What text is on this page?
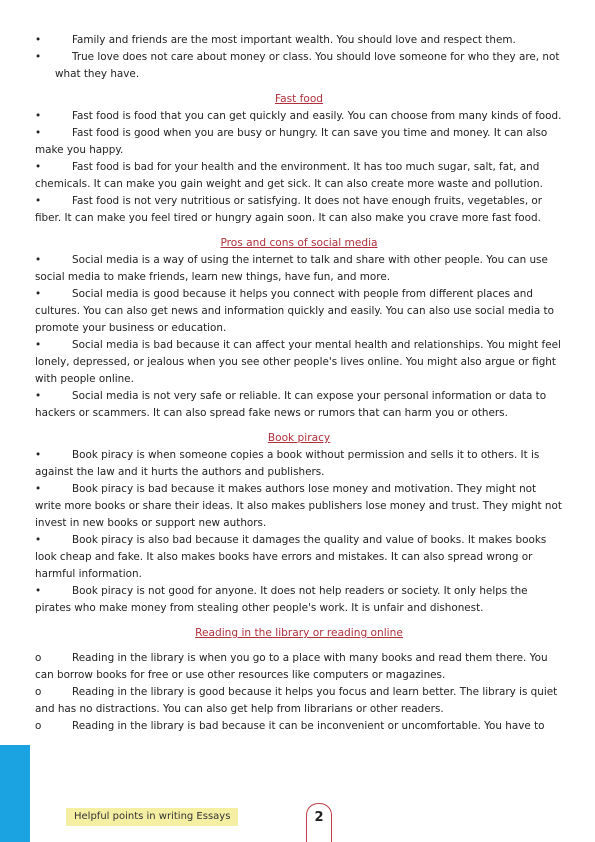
•	Family and friends are the most important wealth. You should love and respect them.

•	True love does not care about money or class. You should love someone for who they are, not what they have.

Fast food

•	Fast food is food that you can get quickly and easily. You can choose from many kinds of food.

•	Fast food is good when you are busy or hungry. It can save you time and money. It can also make you happy.

•	Fast food is bad for your health and the environment. It has too much sugar, salt, fat, and chemicals. It can make you gain weight and get sick. It can also create more waste and pollution.

•	Fast food is not very nutritious or satisfying. It does not have enough fruits, vegetables, or fiber. It can make you feel tired or hungry again soon. It can also make you crave more fast food.

Pros and cons of social media

•	Social media is a way of using the internet to talk and share with other people. You can use social media to make friends, learn new things, have fun, and more.

•	Social media is good because it helps you connect with people from different places and cultures. You can also get news and information quickly and easily. You can also use social media to promote your business or education.

•	Social media is bad because it can affect your mental health and relationships. You might feel lonely, depressed, or jealous when you see other people's lives online. You might also argue or fight with people online.

•	Social media is not very safe or reliable. It can expose your personal information or data to hackers or scammers. It can also spread fake news or rumors that can harm you or others.

Book piracy

•	Book piracy is when someone copies a book without permission and sells it to others. It is against the law and it hurts the authors and publishers.

•	Book piracy is bad because it makes authors lose money and motivation. They might not write more books or share their ideas. It also makes publishers lose money and trust. They might not invest in new books or support new authors.

•	Book piracy is also bad because it damages the quality and value of books. It makes books look cheap and fake. It also makes books have errors and mistakes. It can also spread wrong or harmful information.

•	Book piracy is not good for anyone. It does not help readers or society. It only helps the pirates who make money from stealing other people's work. It is unfair and dishonest.

Reading in the library or reading online

o	Reading in the library is when you go to a place with many books and read them there. You can borrow books for free or use other resources like computers or magazines.

o	Reading in the library is good because it helps you focus and learn better. The library is quiet and has no distractions. You can also get help from librarians or other readers.

o	Reading in the library is bad because it can be inconvenient or uncomfortable. You have to

Helpful points in writing Essays	2
